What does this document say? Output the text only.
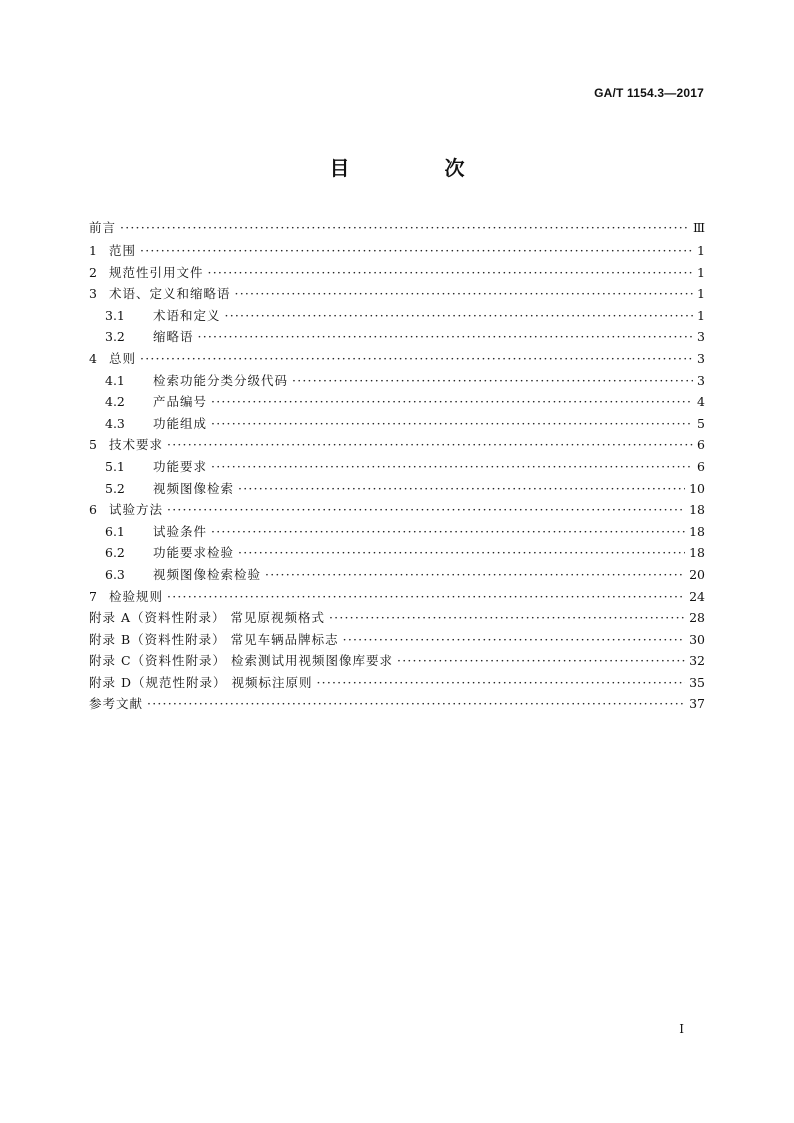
GA/T 1154.3—2017
目 次
前言 ·····	Ⅲ
1 范围 ·····	1
2 规范性引用文件 ·····	1
3 术语、定义和缩略语 ·····	1
3.1	术语和定义 ·····	1
3.2	缩略语 ·····	3
4 总则 ·····	3
4.1	检索功能分类分级代码 ·····	3
4.2	产品编号 ·····	4
4.3	功能组成 ·····	5
5 技术要求 ·····	6
5.1	功能要求 ·····	6
5.2	视频图像检索 ·····	10
6 试验方法 ·····	18
6.1	试验条件 ·····	18
6.2	功能要求检验 ·····	18
6.3	视频图像检索检验 ·····	20
7 检验规则 ·····	24
附录 A（资料性附录） 常见原视频格式 ·····	28
附录 B（资料性附录） 常见车辆品牌标志 ·····	30
附录 C（资料性附录） 检索测试用视频图像库要求 ·····	32
附录 D（规范性附录） 视频标注原则 ·····	35
参考文献 ·····	37
Ⅰ
